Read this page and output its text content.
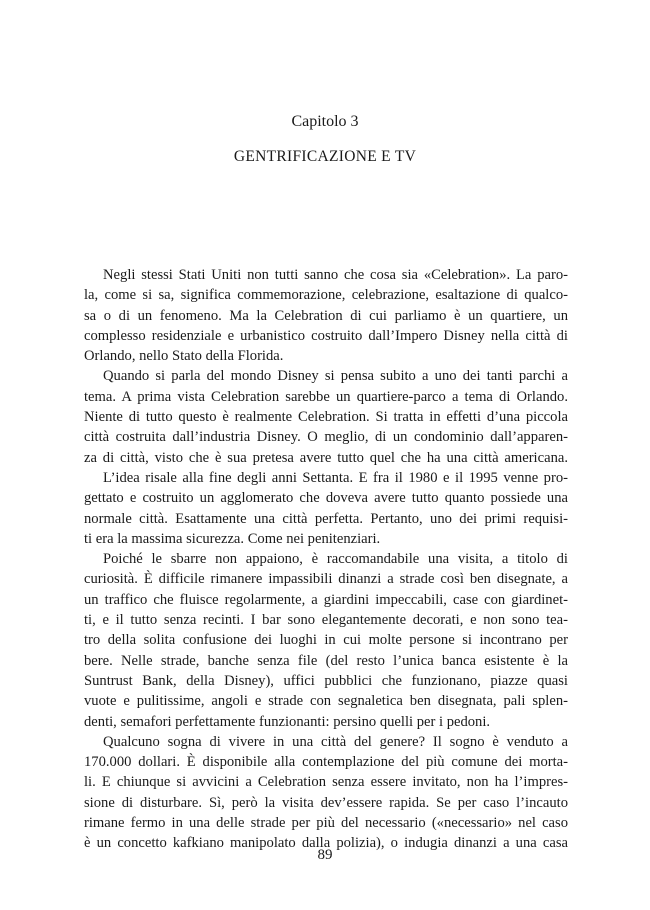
Capitolo 3
GENTRIFICAZIONE E TV
Negli stessi Stati Uniti non tutti sanno che cosa sia «Celebration». La paro-
la, come si sa, significa commemorazione, celebrazione, esaltazione di qualco-
sa o di un fenomeno. Ma la Celebration di cui parliamo è un quartiere, un
complesso residenziale e urbanistico costruito dall’Impero Disney nella città di
Orlando, nello Stato della Florida.
Quando si parla del mondo Disney si pensa subito a uno dei tanti parchi a
tema. A prima vista Celebration sarebbe un quartiere-parco a tema di Orlando.
Niente di tutto questo è realmente Celebration. Si tratta in effetti d’una piccola
città costruita dall’industria Disney. O meglio, di un condominio dall’apparen-
za di città, visto che è sua pretesa avere tutto quel che ha una città americana.
L’idea risale alla fine degli anni Settanta. E fra il 1980 e il 1995 venne pro-
gettato e costruito un agglomerato che doveva avere tutto quanto possiede una
normale città. Esattamente una città perfetta. Pertanto, uno dei primi requisi-
ti era la massima sicurezza. Come nei penitenziari.
Poiché le sbarre non appaiono, è raccomandabile una visita, a titolo di
curiosità. È difficile rimanere impassibili dinanzi a strade così ben disegnate, a
un traffico che fluisce regolarmente, a giardini impeccabili, case con giardinet-
ti, e il tutto senza recinti. I bar sono elegantemente decorati, e non sono tea-
tro della solita confusione dei luoghi in cui molte persone si incontrano per
bere. Nelle strade, banche senza file (del resto l’unica banca esistente è la
Suntrust Bank, della Disney), uffici pubblici che funzionano, piazze quasi
vuote e pulitissime, angoli e strade con segnaletica ben disegnata, pali splen-
denti, semafori perfettamente funzionanti: persino quelli per i pedoni.
Qualcuno sogna di vivere in una città del genere? Il sogno è venduto a
170.000 dollari. È disponibile alla contemplazione del più comune dei morta-
li. E chiunque si avvicini a Celebration senza essere invitato, non ha l’impres-
sione di disturbare. Sì, però la visita dev’essere rapida. Se per caso l’incauto
rimane fermo in una delle strade per più del necessario («necessario» nel caso
è un concetto kafkiano manipolato dalla polizia), o indugia dinanzi a una casa
89
